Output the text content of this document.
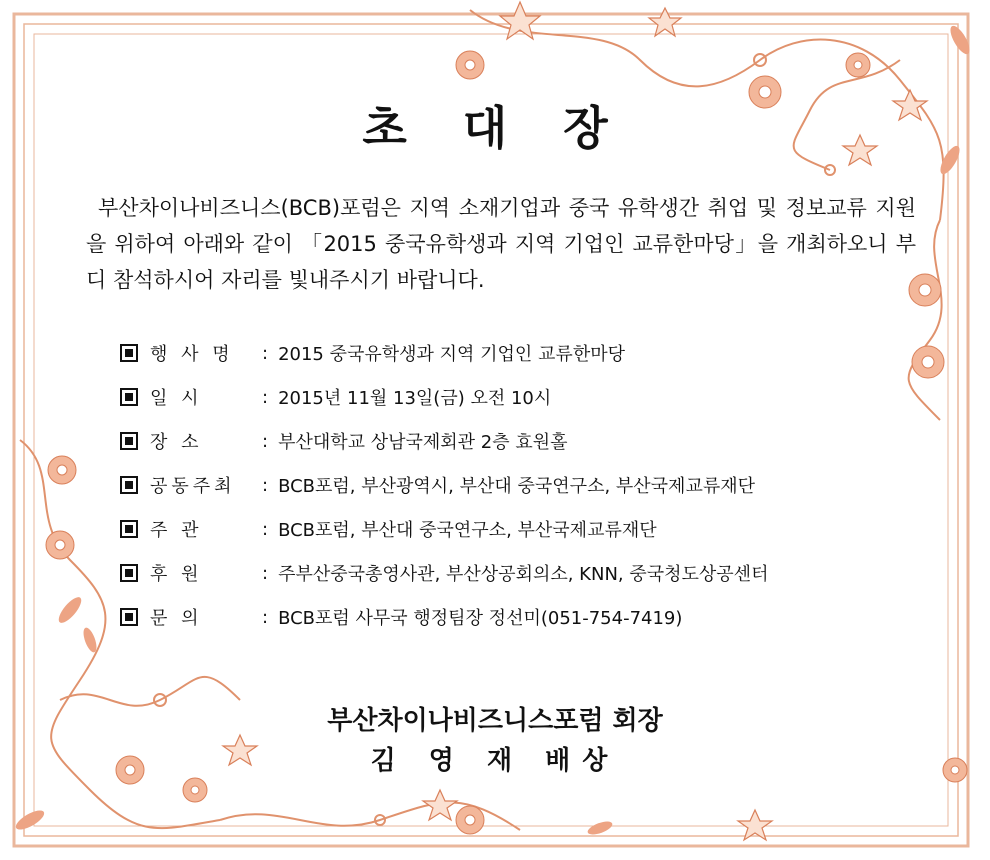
초 대 장

부산차이나비즈니스(BCB)포럼은 지역 소재기업과 중국 유학생간 취업 및 정보교류 지원을 위하여 아래와 같이 「2015 중국유학생과 지역 기업인 교류한마당」을 개최하오니 부디 참석하시어 자리를 빛내주시기 바랍니다.

행 사 명	: 2015 중국유학생과 지역 기업인 교류한마당
일 시	: 2015년 11월 13일(금) 오전 10시
장 소	: 부산대학교 상남국제회관 2층 효원홀
공동주최	: BCB포럼, 부산광역시, 부산대 중국연구소, 부산국제교류재단
주 관	: BCB포럼, 부산대 중국연구소, 부산국제교류재단
후 원	: 주부산중국총영사관, 부산상공회의소, KNN, 중국청도상공센터
문 의	: BCB포럼 사무국 행정팀장 정선미(051-754-7419)
부산차이나비즈니스포럼 회장
김 영 재 배상
